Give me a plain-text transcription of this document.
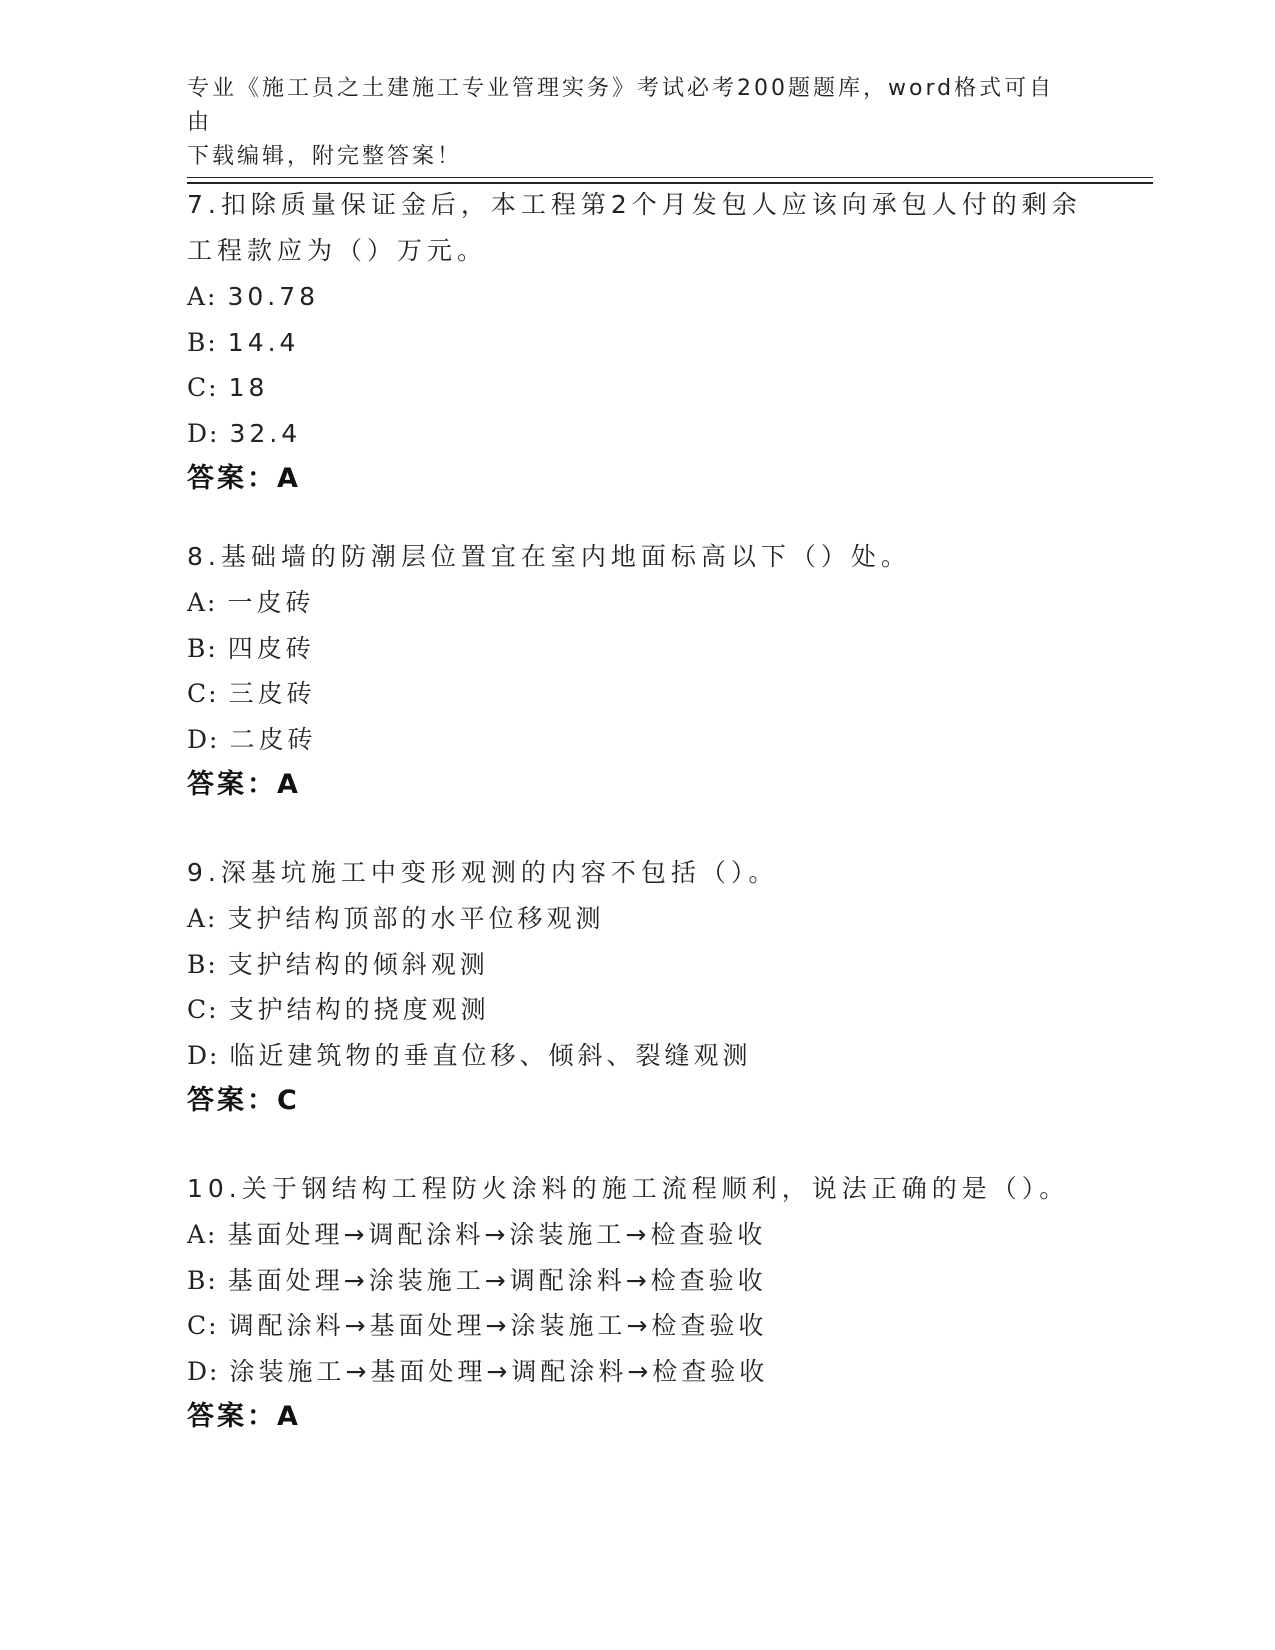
专业《施工员之土建施工专业管理实务》考试必考200题题库，word格式可自由
下载编辑，附完整答案！
7.扣除质量保证金后，本工程第2个月发包人应该向承包人付的剩余
工程款应为（）万元。
A: 30.78
B: 14.4
C: 18
D: 32.4
答案：A
8.基础墙的防潮层位置宜在室内地面标高以下（）处。
A: 一皮砖
B: 四皮砖
C: 三皮砖
D: 二皮砖
答案：A
9.深基坑施工中变形观测的内容不包括（）。
A: 支护结构顶部的水平位移观测
B: 支护结构的倾斜观测
C: 支护结构的挠度观测
D: 临近建筑物的垂直位移、倾斜、裂缝观测
答案：C
10.关于钢结构工程防火涂料的施工流程顺利，说法正确的是（）。
A: 基面处理→调配涂料→涂装施工→检查验收
B: 基面处理→涂装施工→调配涂料→检查验收
C: 调配涂料→基面处理→涂装施工→检查验收
D: 涂装施工→基面处理→调配涂料→检查验收
答案：A
